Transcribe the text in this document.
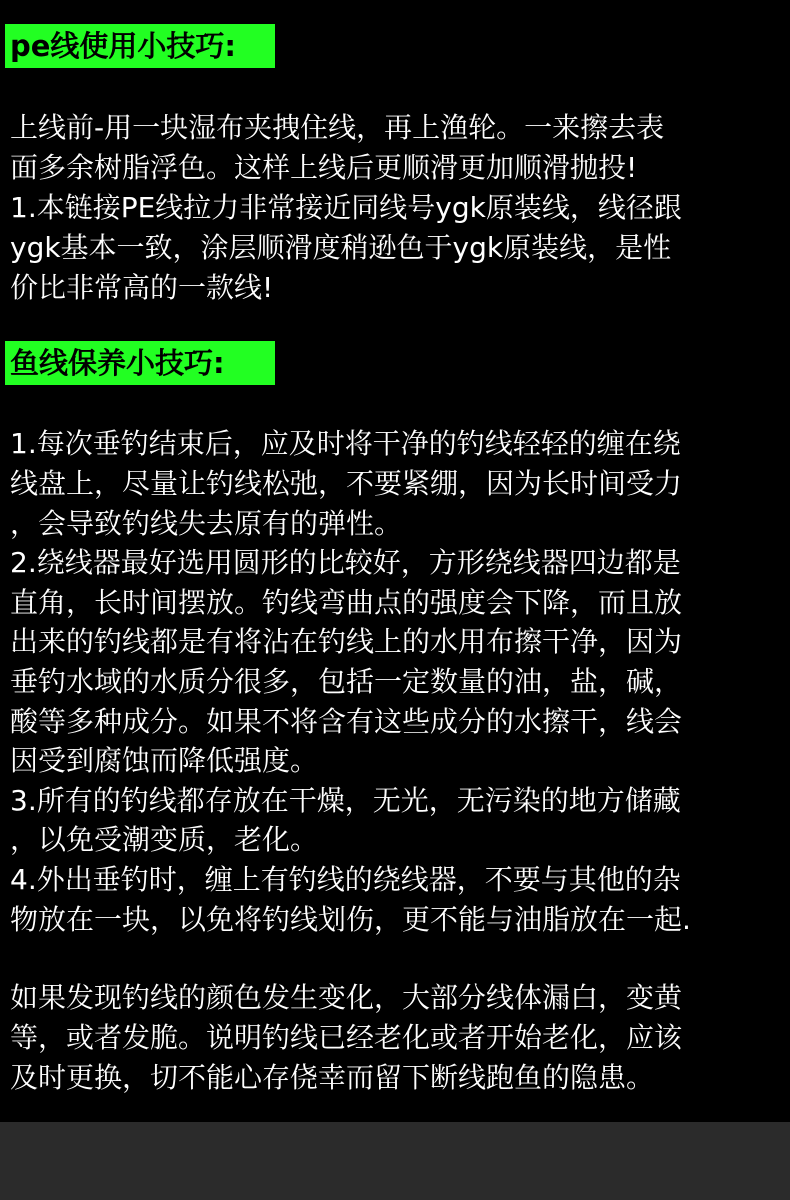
pe线使用小技巧:
上线前-用一块湿布夹拽住线，再上渔轮。一来擦去表
面多余树脂浮色。这样上线后更顺滑更加顺滑抛投!
1.本链接PE线拉力非常接近同线号ygk原装线，线径跟
ygk基本一致，涂层顺滑度稍逊色于ygk原装线，是性
价比非常高的一款线!
鱼线保养小技巧:
1.每次垂钓结束后，应及时将干净的钓线轻轻的缠在绕
线盘上，尽量让钓线松弛，不要紧绷，因为长时间受力
，会导致钓线失去原有的弹性。
2.绕线器最好选用圆形的比较好，方形绕线器四边都是
直角，长时间摆放。钓线弯曲点的强度会下降，而且放
出来的钓线都是有将沾在钓线上的水用布擦干净，因为
垂钓水域的水质分很多，包括一定数量的油，盐，碱，
酸等多种成分。如果不将含有这些成分的水擦干，线会
因受到腐蚀而降低强度。
3.所有的钓线都存放在干燥，无光，无污染的地方储藏
，以免受潮变质，老化。
4.外出垂钓时，缠上有钓线的绕线器，不要与其他的杂
物放在一块，以免将钓线划伤，更不能与油脂放在一起.
如果发现钓线的颜色发生变化，大部分线体漏白，变黄
等，或者发脆。说明钓线已经老化或者开始老化，应该
及时更换，切不能心存侥幸而留下断线跑鱼的隐患。
